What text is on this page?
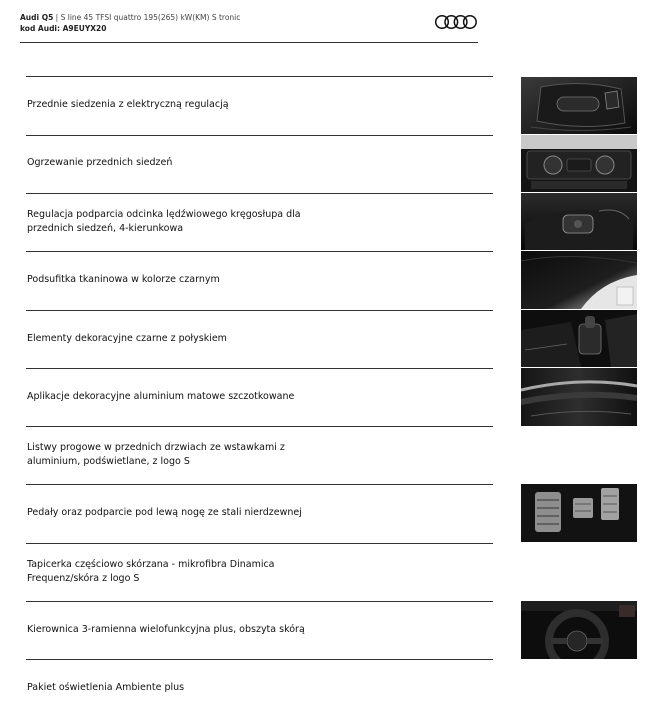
Audi Q5 | S line 45 TFSI quattro 195(265) kW(KM) S tronic
kod Audi: A9EUYX20
Przednie siedzenia z elektryczną regulacją
Ogrzewanie przednich siedzeń
Regulacja podparcia odcinka lędźwiowego kręgosłupa dla
przednich siedzeń, 4-kierunkowa
Podsufitka tkaninowa w kolorze czarnym
Elementy dekoracyjne czarne z połyskiem
Aplikacje dekoracyjne aluminium matowe szczotkowane
Listwy progowe w przednich drzwiach ze wstawkami z
aluminium, podświetlane, z logo S
Pedały oraz podparcie pod lewą nogę ze stali nierdzewnej
Tapicerka częściowo skórzana - mikrofibra Dinamica
Frequenz/skóra z logo S
Kierownica 3-ramienna wielofunkcyjna plus, obszyta skórą
Pakiet oświetlenia Ambiente plus
